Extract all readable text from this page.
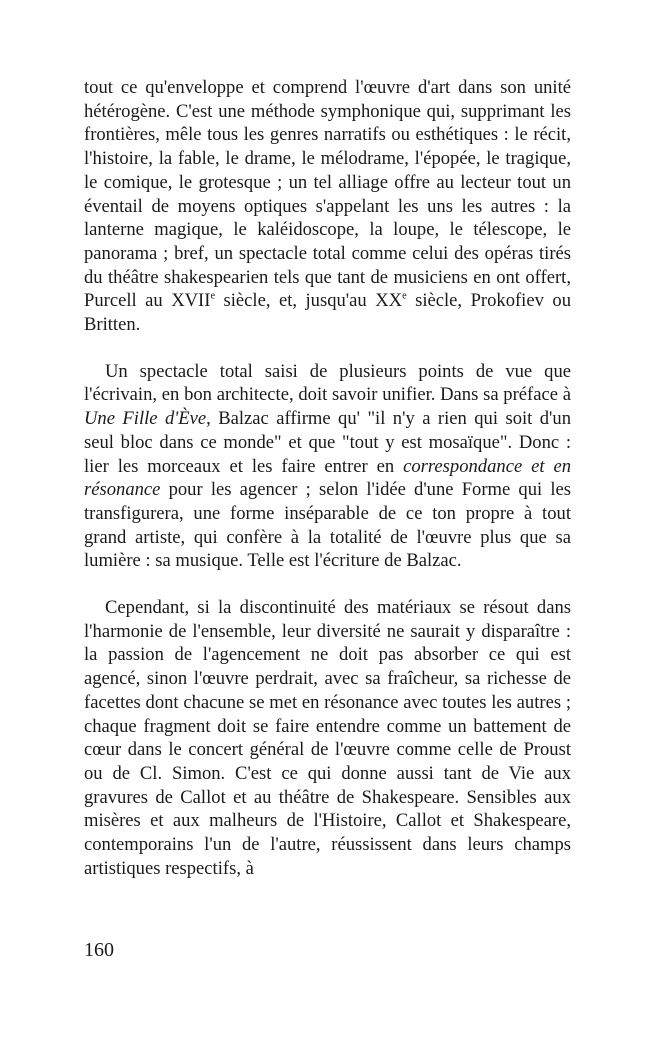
tout ce qu'enveloppe et comprend l'œuvre d'art dans son unité hétérogène. C'est une méthode symphonique qui, supprimant les frontières, mêle tous les genres narratifs ou esthétiques : le récit, l'histoire, la fable, le drame, le mélodrame, l'épopée, le tragique, le comique, le grotesque ; un tel alliage offre au lecteur tout un éventail de moyens optiques s'appelant les uns les autres : la lanterne magique, le kaléidoscope, la loupe, le télescope, le panorama ; bref, un spectacle total comme celui des opéras tirés du théâtre shakespearien tels que tant de musiciens en ont offert, Purcell au XVIIe siècle, et, jusqu'au XXe siècle, Prokofiev ou Britten.

Un spectacle total saisi de plusieurs points de vue que l'écrivain, en bon architecte, doit savoir unifier. Dans sa préface à Une Fille d'Ève, Balzac affirme qu' "il n'y a rien qui soit d'un seul bloc dans ce monde" et que "tout y est mosaïque". Donc : lier les morceaux et les faire entrer en correspondance et en résonance pour les agencer ; selon l'idée d'une Forme qui les transfigurera, une forme inséparable de ce ton propre à tout grand artiste, qui confère à la totalité de l'œuvre plus que sa lumière : sa musique. Telle est l'écriture de Balzac.

Cependant, si la discontinuité des matériaux se résout dans l'harmonie de l'ensemble, leur diversité ne saurait y disparaître : la passion de l'agencement ne doit pas absorber ce qui est agencé, sinon l'œuvre perdrait, avec sa fraîcheur, sa richesse de facettes dont chacune se met en résonance avec toutes les autres ; chaque fragment doit se faire entendre comme un battement de cœur dans le concert général de l'œuvre comme celle de Proust ou de Cl. Simon. C'est ce qui donne aussi tant de Vie aux gravures de Callot et au théâtre de Shakespeare. Sensibles aux misères et aux malheurs de l'Histoire, Callot et Shakespeare, contemporains l'un de l'autre, réussissent dans leurs champs artistiques respectifs, à

160
